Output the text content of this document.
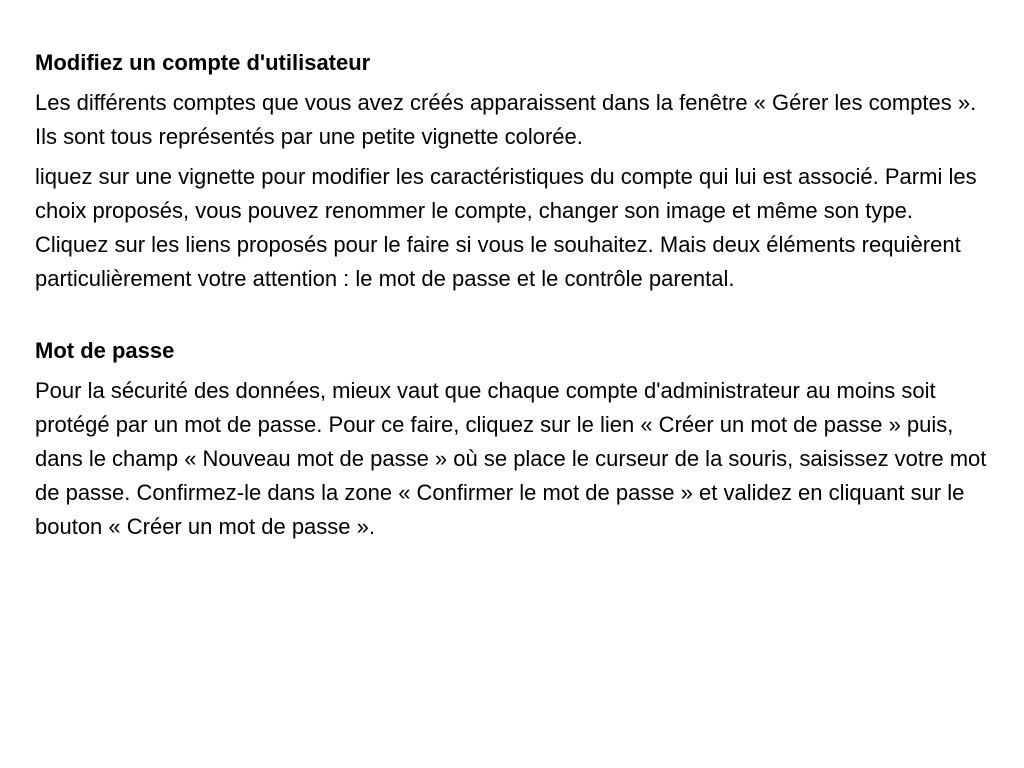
Modifiez un compte d'utilisateur
Les différents comptes que vous avez créés apparaissent dans la fenêtre « Gérer les comptes ». Ils sont tous représentés par une petite vignette colorée.
liquez sur une vignette pour modifier les caractéristiques du compte qui lui est associé. Parmi les choix proposés, vous pouvez renommer le compte, changer son image et même son type. Cliquez sur les liens proposés pour le faire si vous le souhaitez. Mais deux éléments requièrent particulièrement votre attention : le mot de passe et le contrôle parental.
Mot de passe
Pour la sécurité des données, mieux vaut que chaque compte d'administrateur au moins soit protégé par un mot de passe. Pour ce faire, cliquez sur le lien « Créer un mot de passe » puis, dans le champ « Nouveau mot de passe » où se place le curseur de la souris, saisissez votre mot de passe. Confirmez-le dans la zone « Confirmer le mot de passe » et validez en cliquant sur le bouton « Créer un mot de passe ».
